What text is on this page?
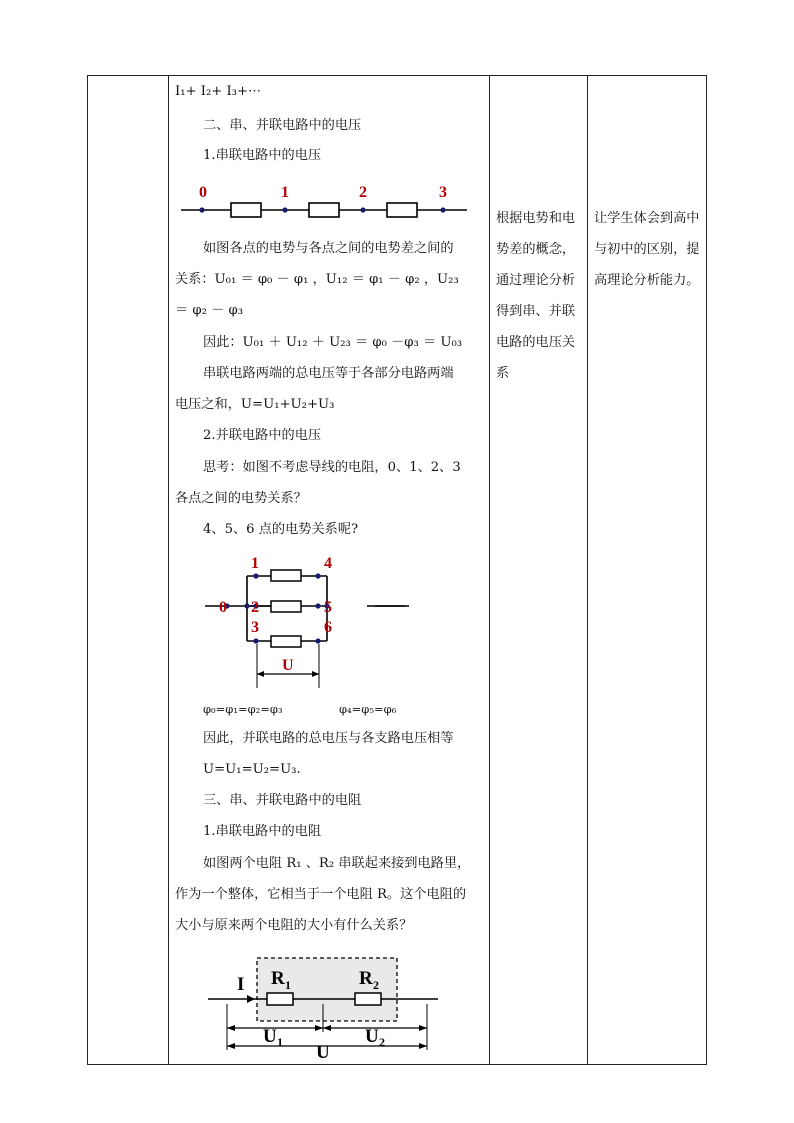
I₁+ I₂+ I₃+⋯
二、串、并联电路中的电压
1.串联电路中的电压
0	1	2	3
如图各点的电势与各点之间的电势差之间的
关系：U₀₁ ＝ φ₀ － φ₁ ，U₁₂ ＝ φ₁ － φ₂ ，U₂₃
＝ φ₂ － φ₃
因此：U₀₁ ＋ U₁₂ ＋ U₂₃ ＝ φ₀ －φ₃ ＝ U₀₃
串联电路两端的总电压等于各部分电路两端
电压之和，U=U₁+U₂+U₃
2.并联电路中的电压
思考：如图不考虑导线的电阻，0、1、2、3
各点之间的电势关系？
4、5、6 点的电势关系呢?
0
1
2
3
4
5
6
U
φ₀=φ₁=φ₂=φ₃	φ₄=φ₅=φ₆
因此，并联电路的总电压与各支路电压相等
U=U₁=U₂=U₃.
三、串、并联电路中的电阻
1.串联电路中的电阻
如图两个电阻 R₁ 、R₂ 串联起来接到电路里，
作为一个整体，它相当于一个电阻 R。这个电阻的
大小与原来两个电阻的大小有什么关系？
I R 1	R 2
U 1	U 2
U
根据电势和电势差的概念，通过理论分析得到串、并联电路的电压关系
让学生体会到高中与初中的区别，提高理论分析能力。
